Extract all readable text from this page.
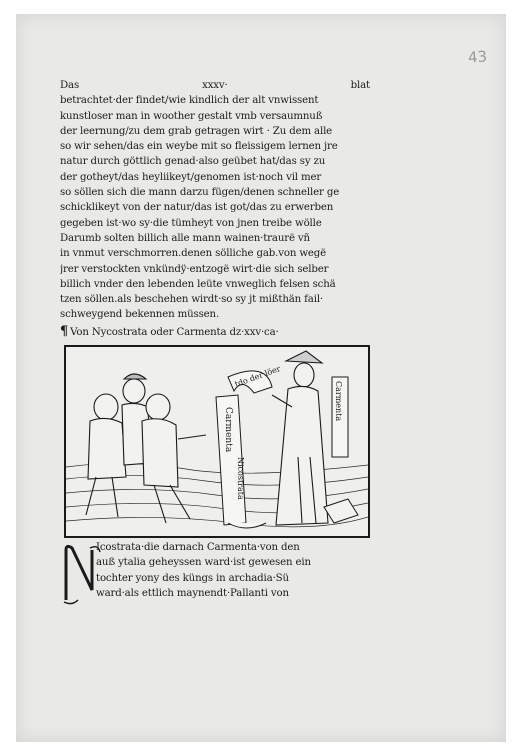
43
Das	xxxv·	blat
betrachtet·der findet/wie kindlich der alt vnwissent
kunstloser man in woother gestalt vmb versaumnuß
der leernung/zu dem grab getragen wirt · Zu dem alle
so wir sehen/das ein weybe mit so fleissigem lernen jre
natur durch göttlich genad·also geübet hat/das sy zu
der gotheyt/das heyliikeyt/genomen ist·noch vil mer
so söllen sich die mann darzu fügen/denen schneller ge
schicklikeyt von der natur/das ist got/das zu erwerben
gegeben ist·wo sy·die tümheyt von jnen treibe wölle
Darumb solten billich alle mann wainen·traurë vñ
in vnmut verschmorren.denen sölliche gab.von wegë
jrer verstockten vnkündÿ·entzogë wirt·die sich selber
billich vnder den lebenden leüte vnweglich felsen schä
tzen söllen.als beschehen wirdt·so sy jt mißthän fail·
schweygend bekennen müssen.
¶ Von Nycostrata oder Carmenta dz·xxv·ca·
tdo der löer
Carmenta
Nicostrata
Carmenta
Icostrata·die darnach Carmenta·von den
auß ytalia geheyssen ward·ist gewesen ein
tochter yony des küngs in archadia·Sü
ward·als ettlich maynendt·Pallanti von
